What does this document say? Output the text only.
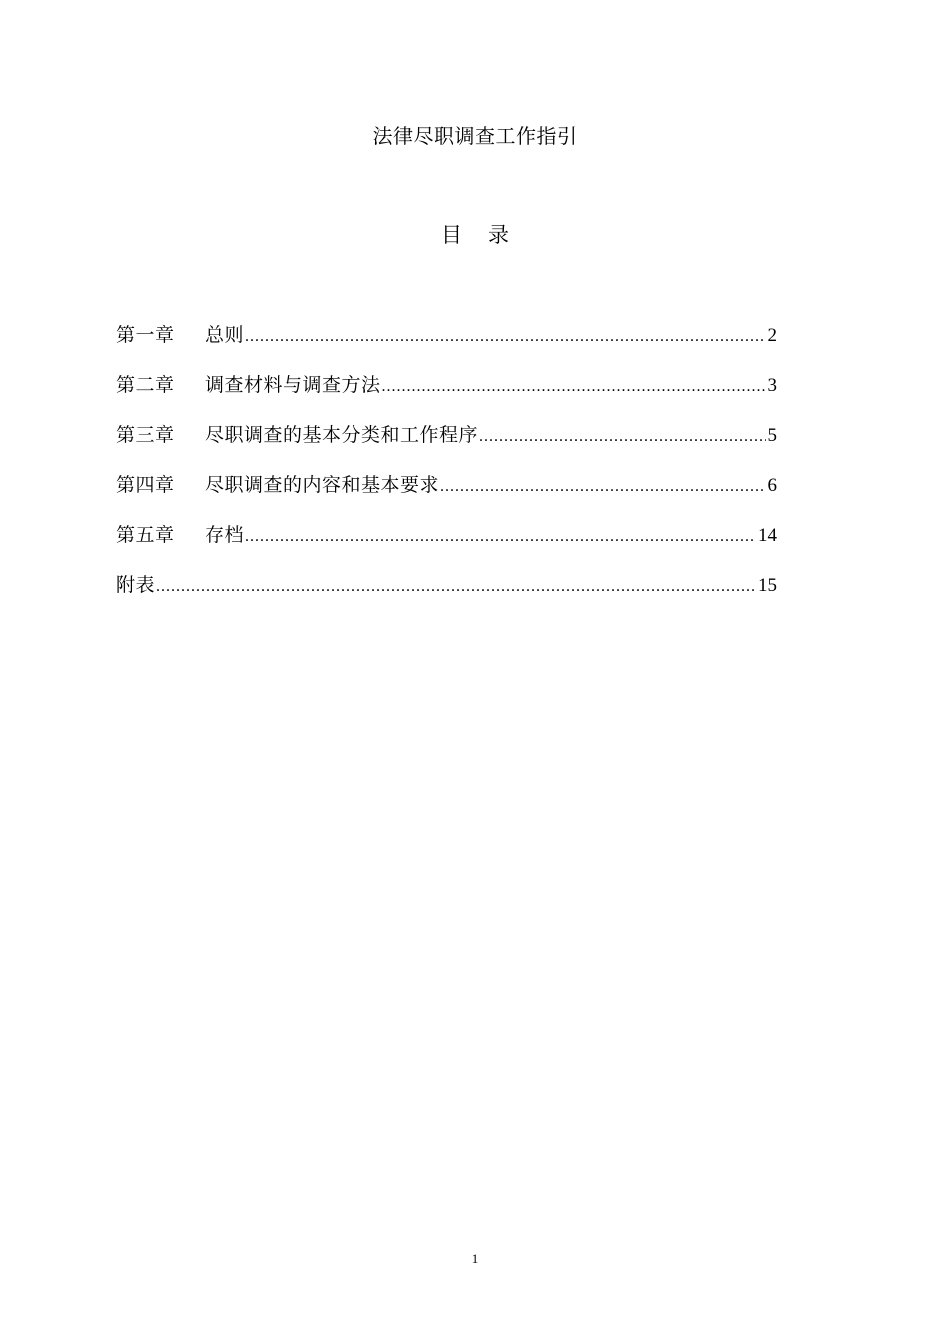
法律尽职调查工作指引
目录
第一章	总则 .....	2
第二章	调查材料与调查方法 .....	3
第三章	尽职调查的基本分类和工作程序 .....	5
第四章	尽职调查的内容和基本要求 .....	6
第五章	存档 .....	14
附表 .....	15
1
